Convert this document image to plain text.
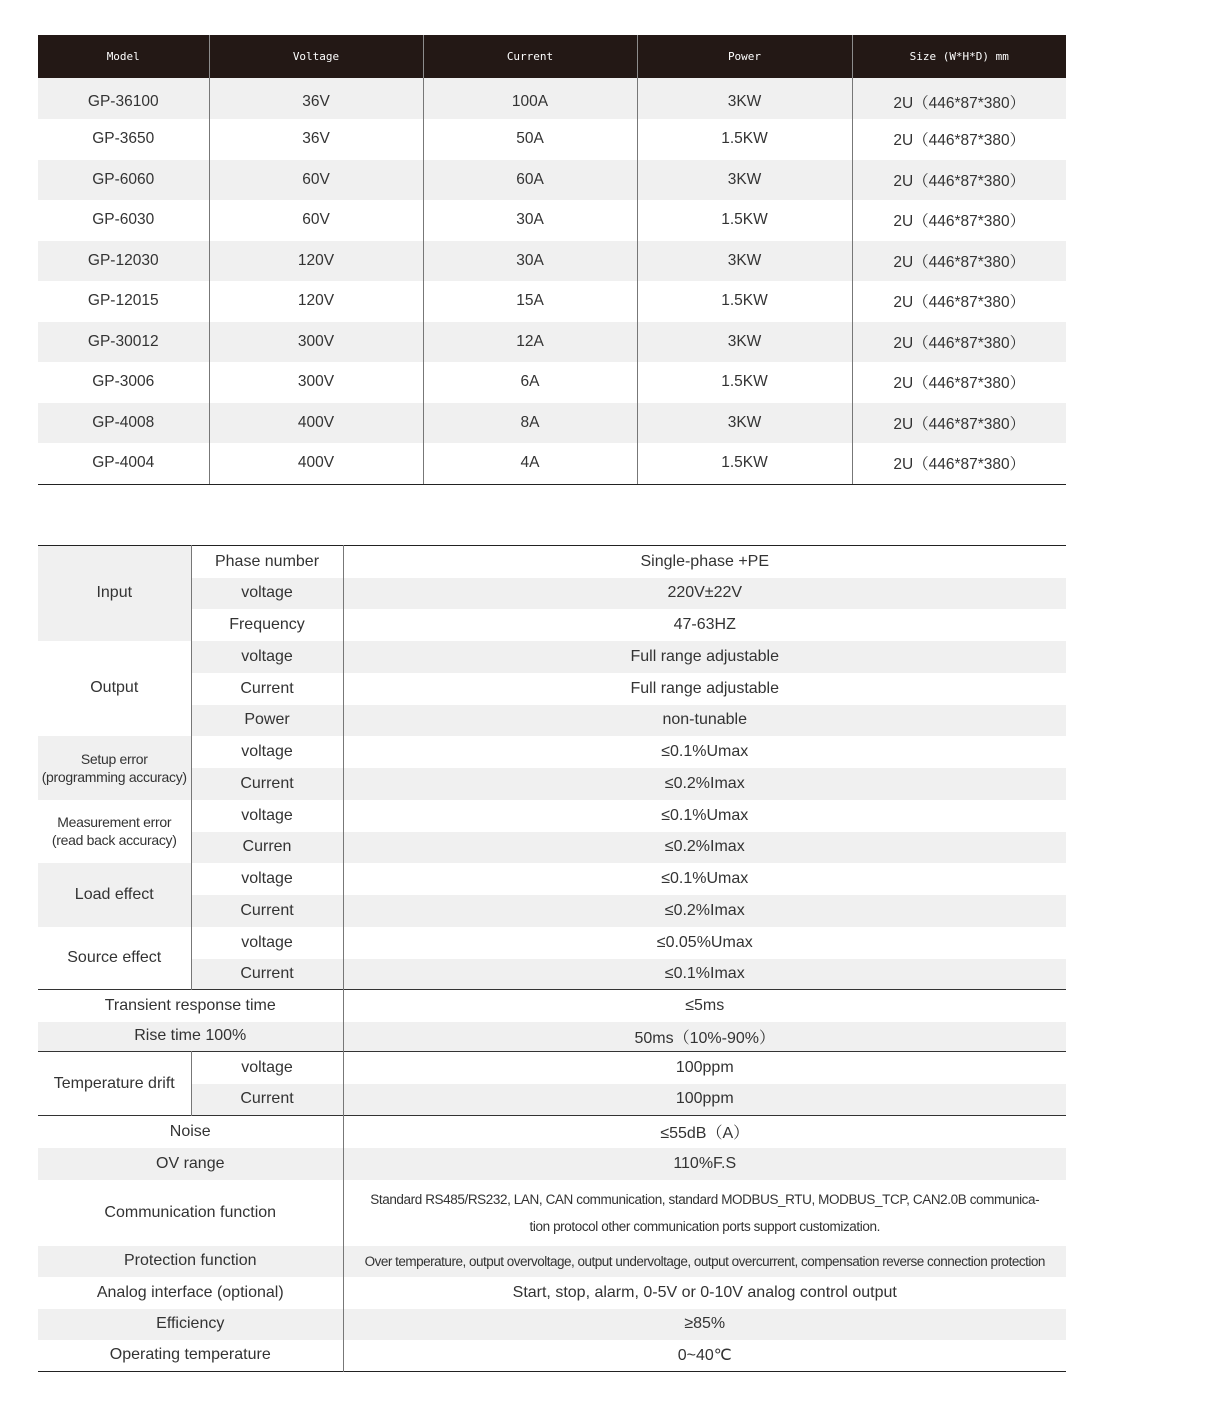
Model	Voltage	Current	Power	Size (W*H*D) mm
GP-36100	36V	100A	3KW	2U（446*87*380）
GP-3650	36V	50A	1.5KW	2U（446*87*380）
GP-6060	60V	60A	3KW	2U（446*87*380）
GP-6030	60V	30A	1.5KW	2U（446*87*380）
GP-12030	120V	30A	3KW	2U（446*87*380）
GP-12015	120V	15A	1.5KW	2U（446*87*380）
GP-30012	300V	12A	3KW	2U（446*87*380）
GP-3006	300V	6A	1.5KW	2U（446*87*380）
GP-4008	400V	8A	3KW	2U（446*87*380）
GP-4004	400V	4A	1.5KW	2U（446*87*380）
Input	Phase number	Single-phase +PE
	voltage	220V±22V
	Frequency	47-63HZ
Output	voltage	Full range adjustable
	Current	Full range adjustable
	Power	non-tunable

Setup error
(programming accuracy)	voltage	≤0.1%Umax
	Current	≤0.2%Imax

Measurement error
(read back accuracy)	voltage	≤0.1%Umax
	Curren	≤0.2%Imax
Load effect	voltage	≤0.1%Umax
	Current	≤0.2%Imax
Source effect	voltage	≤0.05%Umax
	Current	≤0.1%Imax
Transient response time		≤5ms
Rise time 100%		50ms（10%-90%）
Temperature drift	voltage	100ppm
	Current	100ppm
Noise		≤55dB（A）
OV range		110%F.S
Communication function		Standard RS485/RS232, LAN, CAN communication, standard MODBUS_RTU, MODBUS_TCP, CAN2.0B communica-
tion protocol other communication ports support customization.

Protection function		Over temperature, output overvoltage, output undervoltage, output overcurrent, compensation reverse connection protection
Analog interface (optional)		Start, stop, alarm, 0-5V or 0-10V analog control output
Efficiency		≥85%
Operating temperature		0~40℃
